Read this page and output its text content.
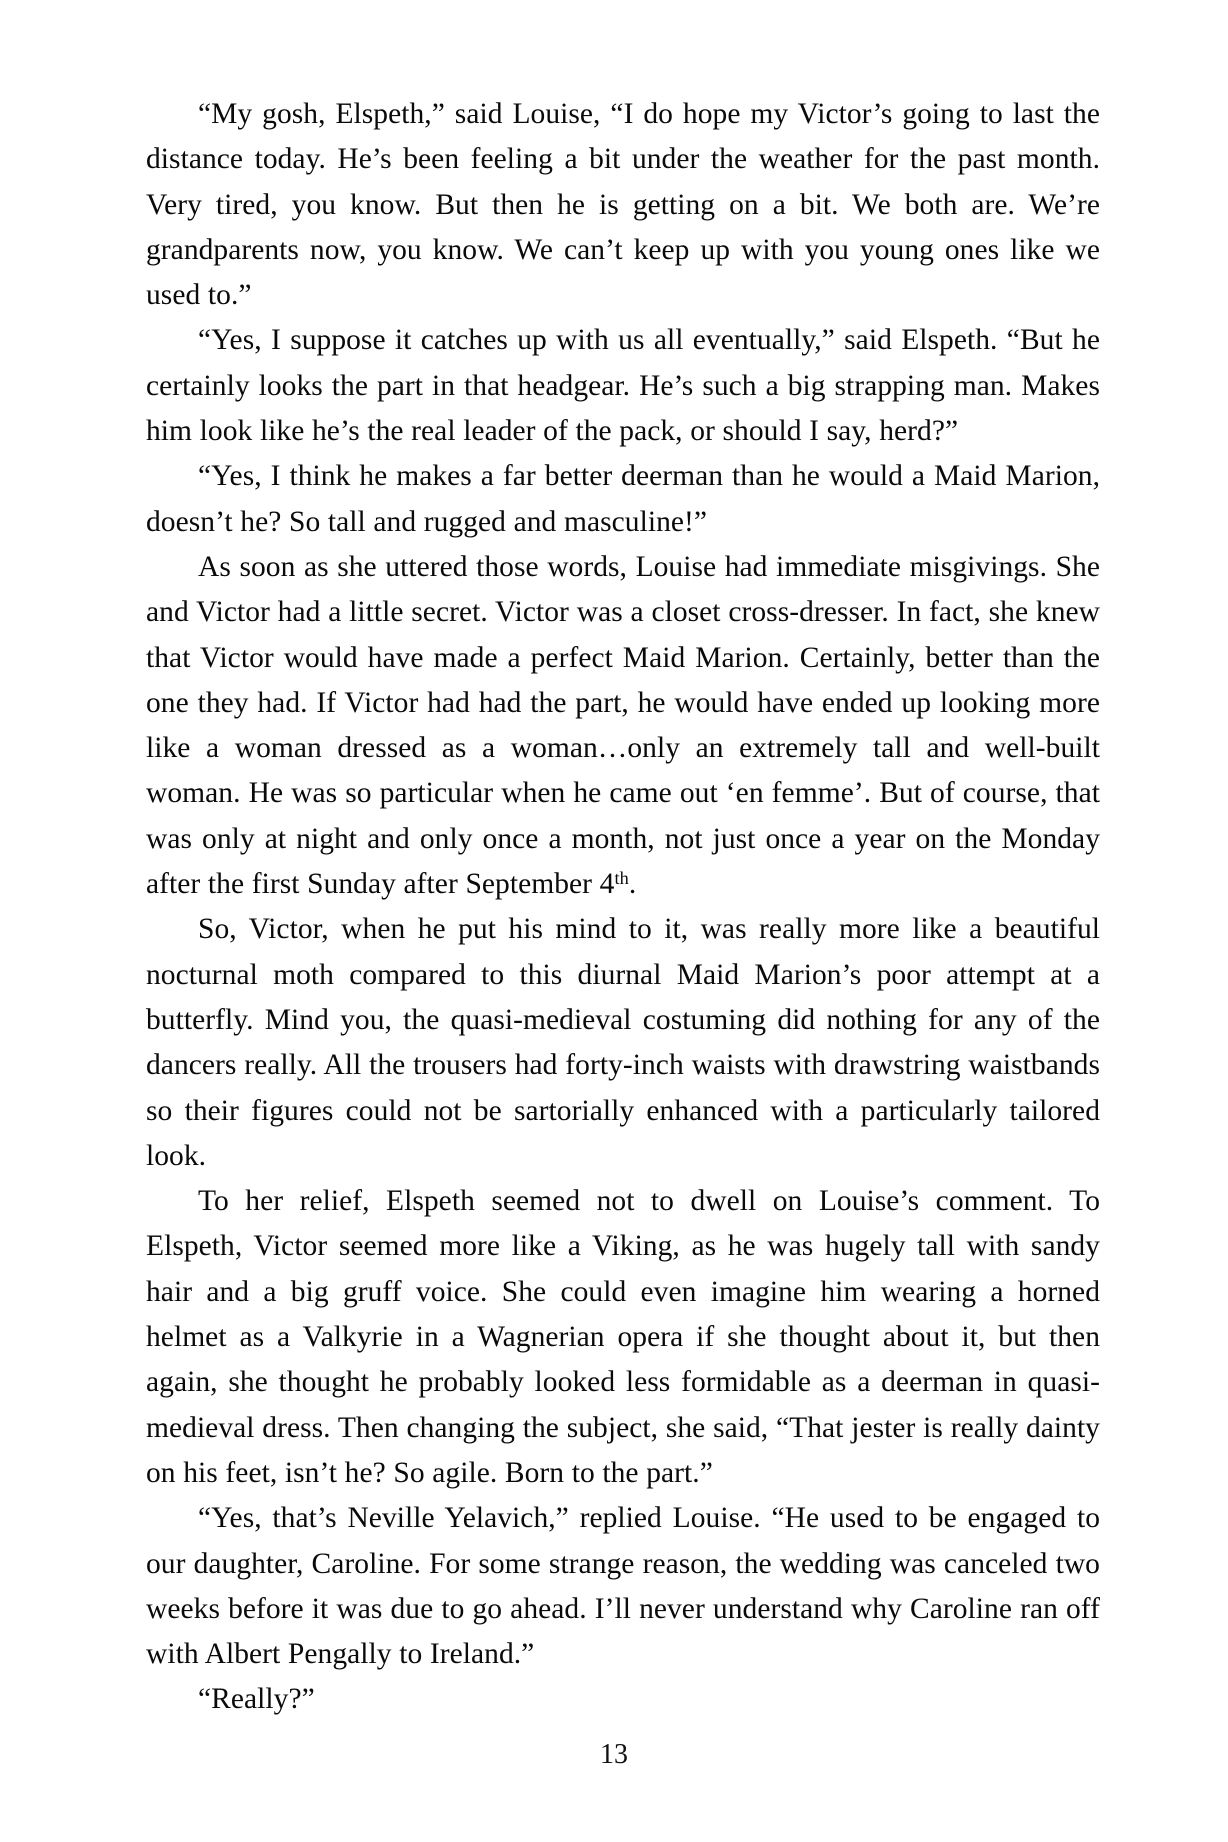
“My gosh, Elspeth,” said Louise, “I do hope my Victor’s going to last the distance today. He’s been feeling a bit under the weather for the past month. Very tired, you know. But then he is getting on a bit. We both are. We’re grandparents now, you know. We can’t keep up with you young ones like we used to.”

“Yes, I suppose it catches up with us all eventually,” said Elspeth. “But he certainly looks the part in that headgear. He’s such a big strapping man. Makes him look like he’s the real leader of the pack, or should I say, herd?”

“Yes, I think he makes a far better deerman than he would a Maid Marion, doesn’t he? So tall and rugged and masculine!”

As soon as she uttered those words, Louise had immediate misgivings. She and Victor had a little secret. Victor was a closet cross-dresser. In fact, she knew that Victor would have made a perfect Maid Marion. Certainly, better than the one they had. If Victor had had the part, he would have ended up looking more like a woman dressed as a woman…only an extremely tall and well-built woman. He was so particular when he came out ‘en femme’. But of course, that was only at night and only once a month, not just once a year on the Monday after the first Sunday after September 4th.

So, Victor, when he put his mind to it, was really more like a beautiful nocturnal moth compared to this diurnal Maid Marion’s poor attempt at a butterfly. Mind you, the quasi-medieval costuming did nothing for any of the dancers really. All the trousers had forty-inch waists with drawstring waistbands so their figures could not be sartorially enhanced with a particularly tailored look.

To her relief, Elspeth seemed not to dwell on Louise’s comment. To Elspeth, Victor seemed more like a Viking, as he was hugely tall with sandy hair and a big gruff voice. She could even imagine him wearing a horned helmet as a Valkyrie in a Wagnerian opera if she thought about it, but then again, she thought he probably looked less formidable as a deerman in quasi-medieval dress. Then changing the subject, she said, “That jester is really dainty on his feet, isn’t he? So agile. Born to the part.”

“Yes, that’s Neville Yelavich,” replied Louise. “He used to be engaged to our daughter, Caroline. For some strange reason, the wedding was canceled two weeks before it was due to go ahead. I’ll never understand why Caroline ran off with Albert Pengally to Ireland.”

“Really?”

13
